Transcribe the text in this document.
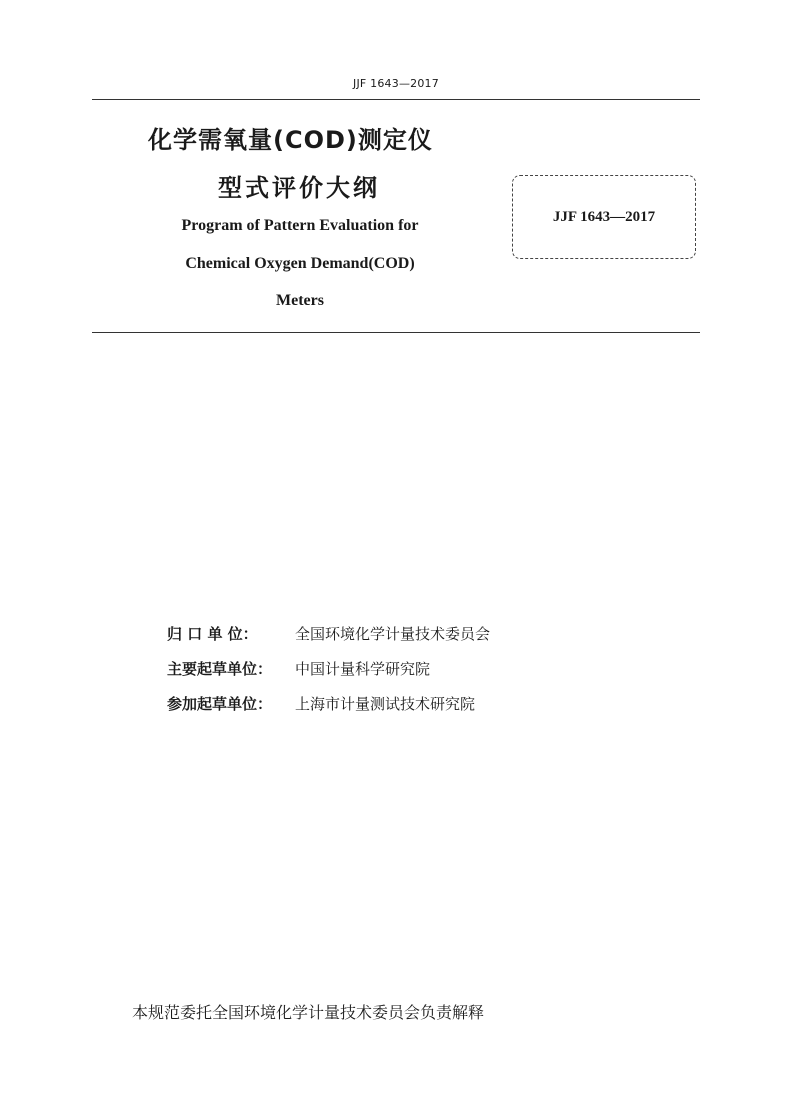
JJF 1643—2017
化学需氧量(COD)测定仪
型式评价大纲
Program of Pattern Evaluation for
Chemical Oxygen Demand(COD)
Meters
JJF 1643—2017
归 口 单 位： 全国环境化学计量技术委员会
主要起草单位： 中国计量科学研究院
参加起草单位： 上海市计量测试技术研究院
本规范委托全国环境化学计量技术委员会负责解释
